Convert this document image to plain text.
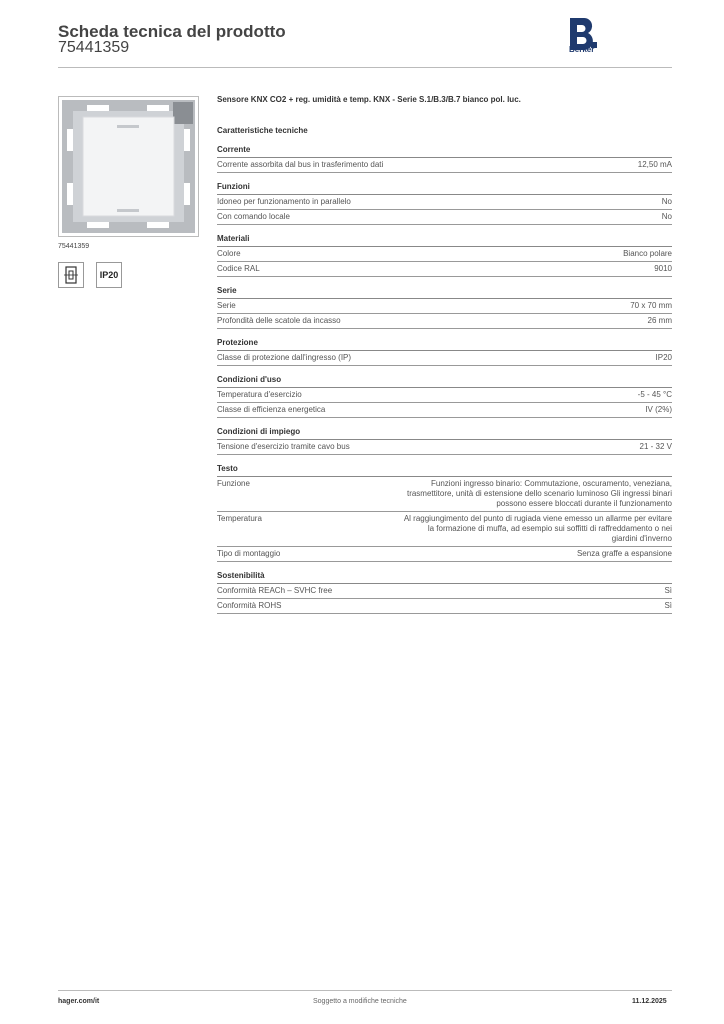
Scheda tecnica del prodotto
75441359	Berker
75441359
IP20
Sensore KNX CO2 + reg. umidità e temp. KNX - Serie S.1/B.3/B.7 bianco pol. luc.
Caratteristiche tecniche
Corrente
Corrente assorbita dal bus in trasferimento dati	12,50 mA
Funzioni
Idoneo per funzionamento in parallelo	No
Con comando locale	No
Materiali
Colore	Bianco polare
Codice RAL	9010
Serie
Serie	70 x 70 mm
Profondità delle scatole da incasso	26 mm
Protezione
Classe di protezione dall'ingresso (IP)	IP20
Condizioni d'uso
Temperatura d'esercizio	-5 - 45 °C
Classe di efficienza energetica	IV (2%)
Condizioni di impiego
Tensione d'esercizio tramite cavo bus	21 - 32 V
Testo
Funzione	Funzioni ingresso binario: Commutazione, oscuramento, veneziana, trasmettitore, unità di estensione dello scenario luminoso Gli ingressi binari possono essere bloccati durante il funzionamento
Temperatura	Al raggiungimento del punto di rugiada viene emesso un allarme per evitare la formazione di muffa, ad esempio sui soffitti di raffreddamento o nei giardini d'inverno
Tipo di montaggio	Senza graffe a espansione
Sostenibilità
Conformità REACh – SVHC free	Sì
Conformità ROHS	Sì
hager.com/it	Soggetto a modifiche tecniche	11.12.2025
